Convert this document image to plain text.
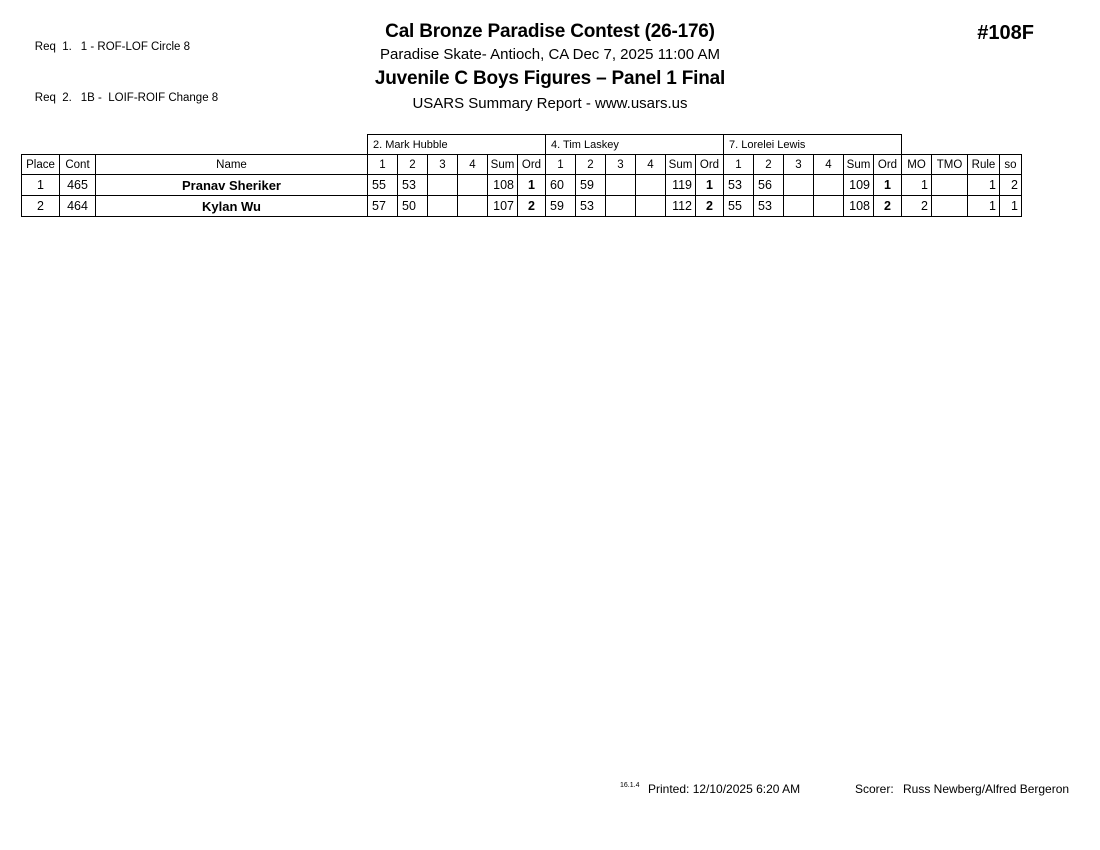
Req  1. 1 - ROF-LOF Circle 8

Req  2. 1B -  LOIF-ROIF Change 8

Cal Bronze Paradise Contest (26-176)
Paradise Skate- Antioch, CA Dec 7, 2025 11:00 AM
Juvenile C Boys Figures – Panel 1 Final
USARS Summary Report - www.usars.us
#108F
			2. Mark Hubble						4. Tim Laskey						7. Lorelei Lewis									
Place	Cont	Name	1	2	3	4	Sum	Ord	1	2	3	4	Sum	Ord	1	2	3	4	Sum	Ord	MO	TMO	Rule	so
1	465	Pranav Sheriker	55	53			108	1	60	59			119	1	53	56			109	1	1		1	2
2	464	Kylan Wu	57	50			107	2	59	53			112	2	55	53			108	2	2		1	1
16.1.4 Printed: 12/10/2025 6:20 AM	Scorer: Russ Newberg/Alfred Bergeron
